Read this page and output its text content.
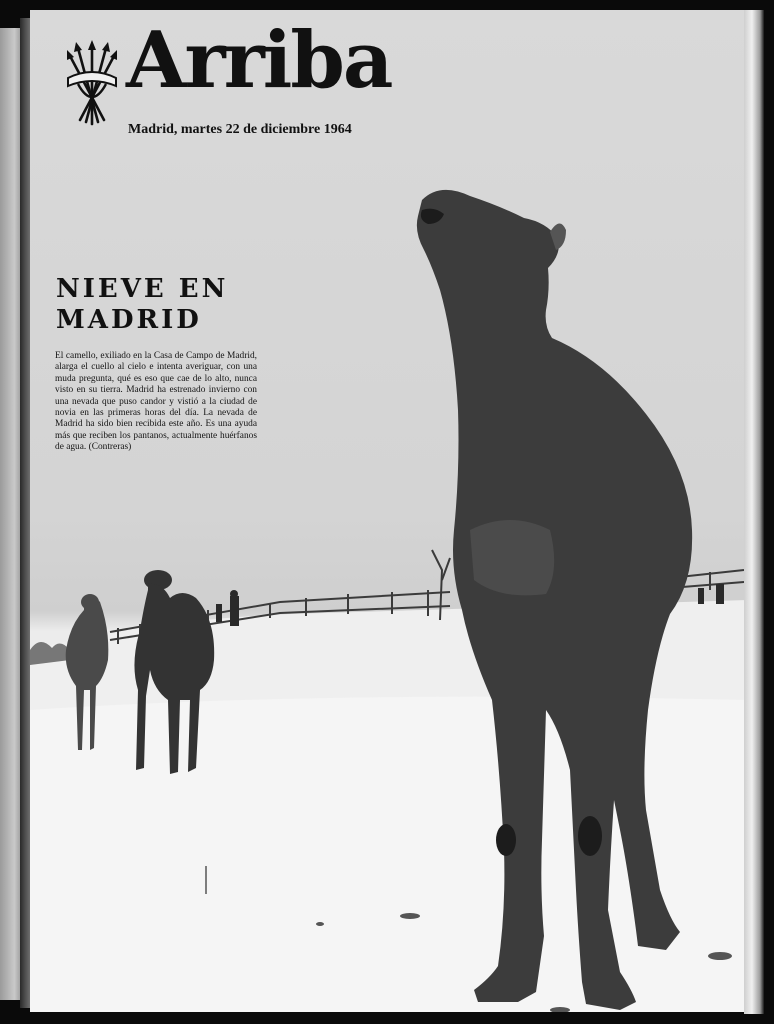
Arriba
Madrid, martes 22 de diciembre 1964
NIEVE EN
MADRID

El camello, exiliado en la Casa de Campo de Madrid, alarga el cuello al cielo e intenta averiguar, con una muda pregunta, qué es eso que cae de lo alto, nunca visto en su tierra. Madrid ha estrenado invierno con una nevada que puso candor y vistió a la ciudad de novia en las primeras horas del día. La nevada de Madrid ha sido bien recibida este año. Es una ayuda más que reciben los pantanos, actualmente huérfanos de agua. (Contreras)
